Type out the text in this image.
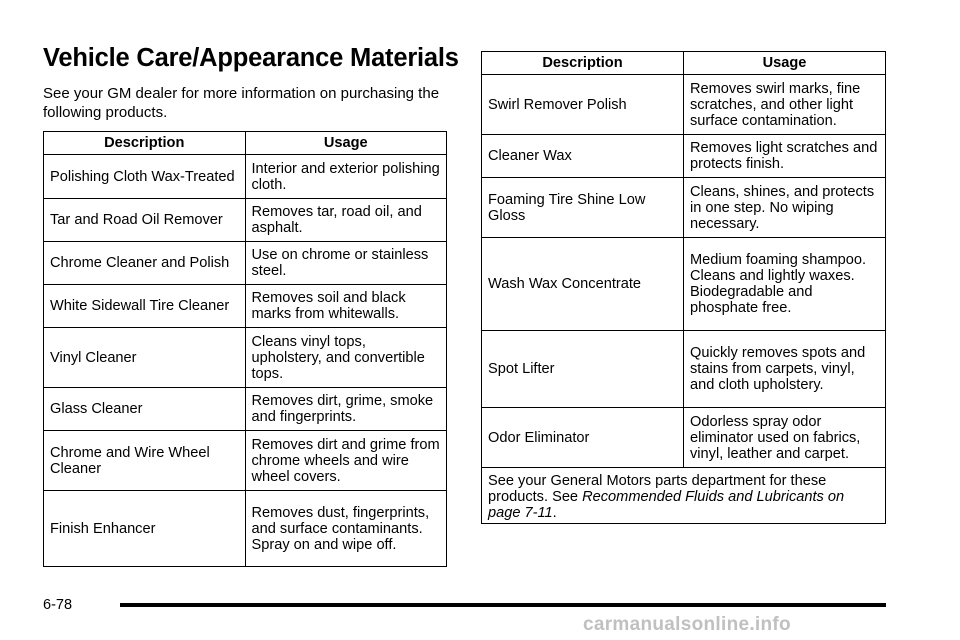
Vehicle Care/Appearance Materials
See your GM dealer for more information on purchasing the following products.
Description	Usage
Polishing Cloth Wax-Treated	Interior and exterior polishing cloth.
Tar and Road Oil Remover	Removes tar, road oil, and asphalt.
Chrome Cleaner and Polish	Use on chrome or stainless steel.
White Sidewall Tire Cleaner	Removes soil and black marks from whitewalls.
Vinyl Cleaner	Cleans vinyl tops, upholstery, and convertible tops.
Glass Cleaner	Removes dirt, grime, smoke and fingerprints.
Chrome and Wire Wheel Cleaner	Removes dirt and grime from chrome wheels and wire wheel covers.
Finish Enhancer	Removes dust, fingerprints, and surface contaminants. Spray on and wipe off.
Description	Usage
Swirl Remover Polish	Removes swirl marks, fine scratches, and other light surface contamination.
Cleaner Wax	Removes light scratches and protects finish.
Foaming Tire Shine Low Gloss	Cleans, shines, and protects in one step. No wiping necessary.
Wash Wax Concentrate	Medium foaming shampoo. Cleans and lightly waxes. Biodegradable and phosphate free.
Spot Lifter	Quickly removes spots and stains from carpets, vinyl, and cloth upholstery.
Odor Eliminator	Odorless spray odor eliminator used on fabrics, vinyl, leather and carpet.
See your General Motors parts department for these products. See Recommended Fluids and Lubricants on page 7-11.	
6-78
carmanualsonline.info
